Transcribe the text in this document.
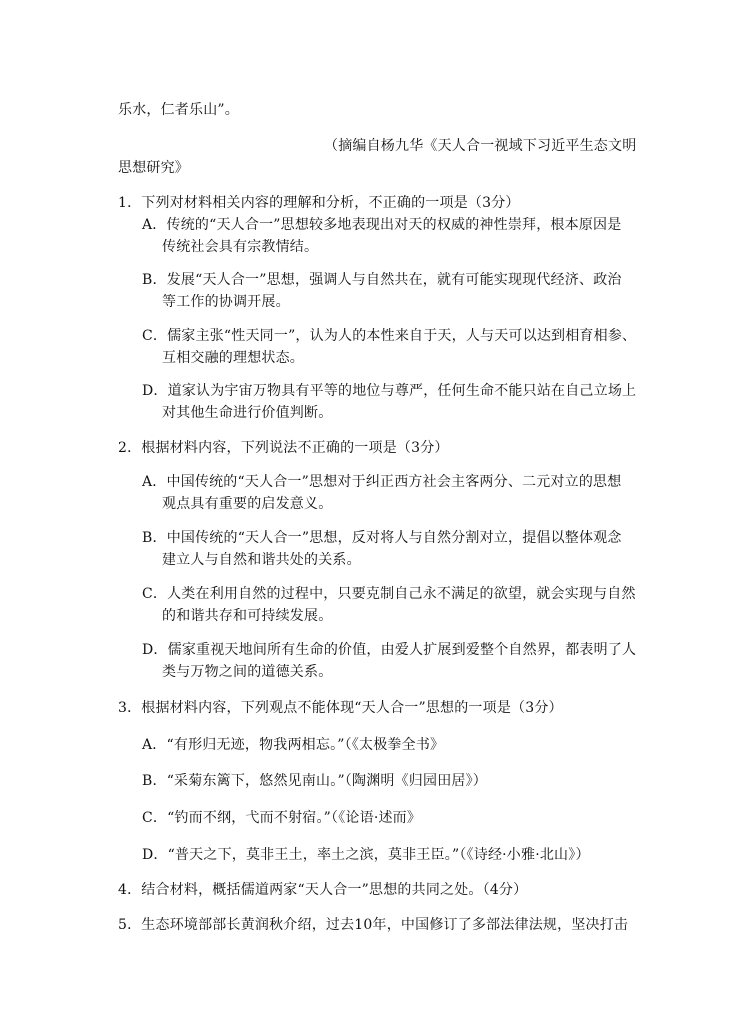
乐水，仁者乐山”。
（摘编自杨九华《天人合一视域下习近平生态文明
思想研究》
1．下列对材料相关内容的理解和分析，不正确的一项是（3分）
A．传统的“天人合一”思想较多地表现出对天的权威的神性崇拜，根本原因是
传统社会具有宗教情结。
B．发展“天人合一”思想，强调人与自然共在，就有可能实现现代经济、政治
等工作的协调开展。
C．儒家主张“性天同一”，认为人的本性来自于天，人与天可以达到相育相参、
互相交融的理想状态。
D．道家认为宇宙万物具有平等的地位与尊严，任何生命不能只站在自己立场上
对其他生命进行价值判断。
2．根据材料内容，下列说法不正确的一项是（3分）
A．中国传统的“天人合一”思想对于纠正西方社会主客两分、二元对立的思想
观点具有重要的启发意义。
B．中国传统的“天人合一”思想，反对将人与自然分割对立，提倡以整体观念
建立人与自然和谐共处的关系。
C．人类在利用自然的过程中，只要克制自己永不满足的欲望，就会实现与自然
的和谐共存和可持续发展。
D．儒家重视天地间所有生命的价值，由爱人扩展到爱整个自然界，都表明了人
类与万物之间的道德关系。
3．根据材料内容，下列观点不能体现“天人合一”思想的一项是（3分）
A．“有形归无迹，物我两相忘。”（《太极拳全书》
B．“采菊东篱下，悠然见南山。”（陶渊明《归园田居》）
C．“钓而不纲，弋而不射宿。”（《论语·述而》
D．“普天之下，莫非王土，率土之滨，莫非王臣。”（《诗经·小雅·北山》）
4．结合材料，概括儒道两家“天人合一”思想的共同之处。（4分）
5．生态环境部部长黄润秋介绍，过去10年，中国修订了多部法律法规，坚决打击
